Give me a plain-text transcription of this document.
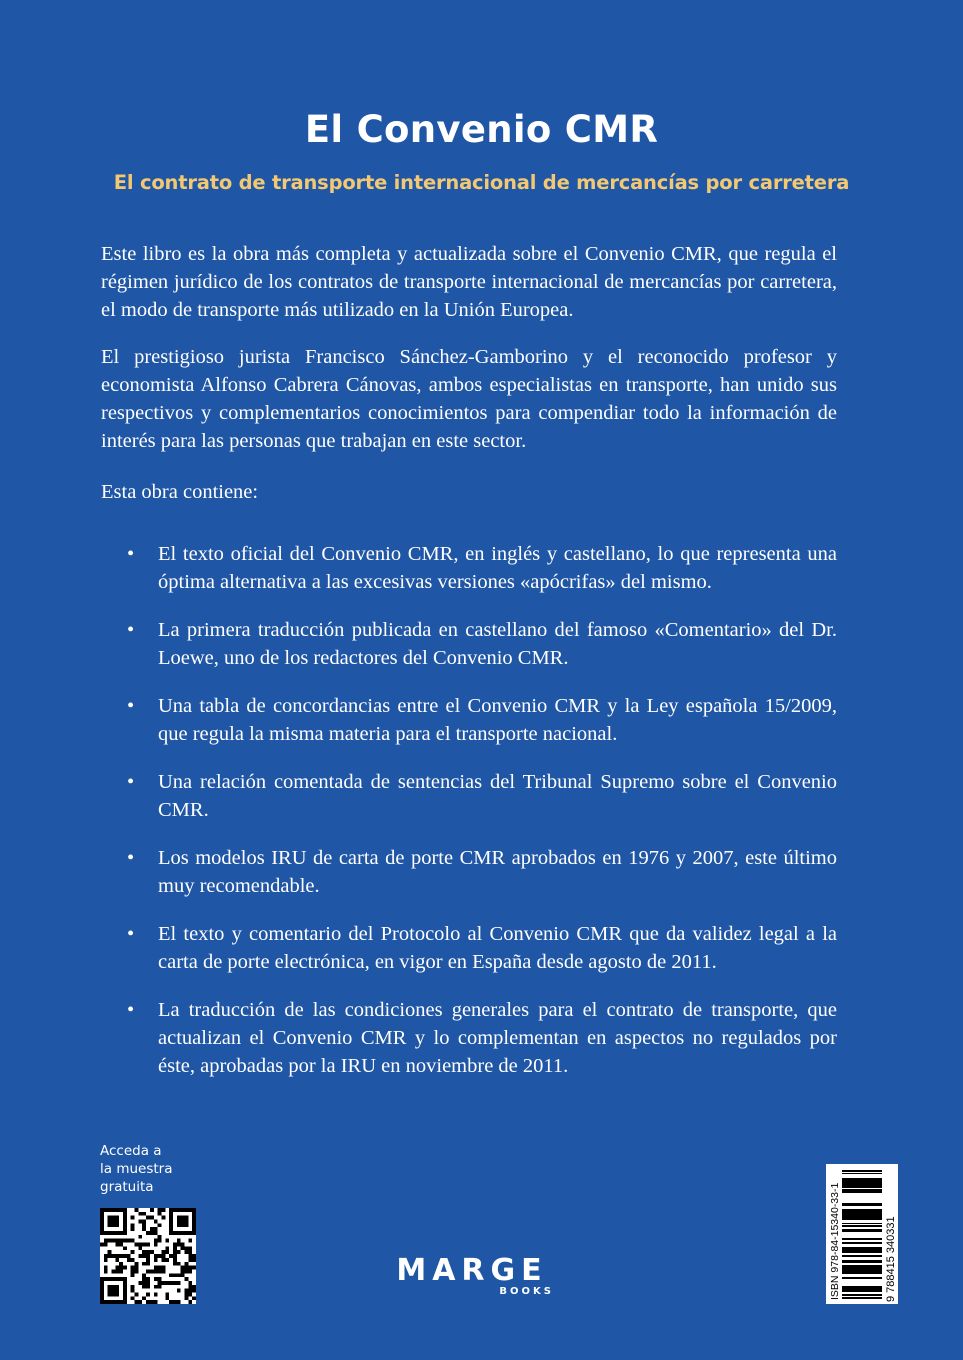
El Convenio CMR
El contrato de transporte internacional de mercancías por carretera

Este libro es la obra más completa y actualizada sobre el Convenio CMR, que regula el régimen jurídico de los contratos de transporte internacional de mercancías por carretera, el modo de transporte más utilizado en la Unión Europea.

El prestigioso jurista Francisco Sánchez-Gamborino y el reconocido profesor y economista Alfonso Cabrera Cánovas, ambos especialistas en transporte, han unido sus respectivos y complementarios conocimientos para compendiar todo la información de interés para las personas que trabajan en este sector.

Esta obra contiene:

• El texto oficial del Convenio CMR, en inglés y castellano, lo que representa una óptima alternativa a las excesivas versiones «apócrifas» del mismo.
• La primera traducción publicada en castellano del famoso «Comentario» del Dr. Loewe, uno de los redactores del Convenio CMR.
• Una tabla de concordancias entre el Convenio CMR y la Ley española 15/2009, que regula la misma materia para el transporte nacional.
• Una relación comentada de sentencias del Tribunal Supremo sobre el Convenio CMR.
• Los modelos IRU de carta de porte CMR aprobados en 1976 y 2007, este último muy recomendable.
• El texto y comentario del Protocolo al Convenio CMR que da validez legal a la carta de porte electrónica, en vigor en España desde agosto de 2011.
• La traducción de las condiciones generales para el contrato de transporte, que actualizan el Convenio CMR y lo complementan en aspectos no regulados por éste, aprobadas por la IRU en noviembre de 2011.
Acceda a
la muestra
gratuita
MARGE
BOOKS	ISBN 978-84-15340-33-1	9 788415 340331
